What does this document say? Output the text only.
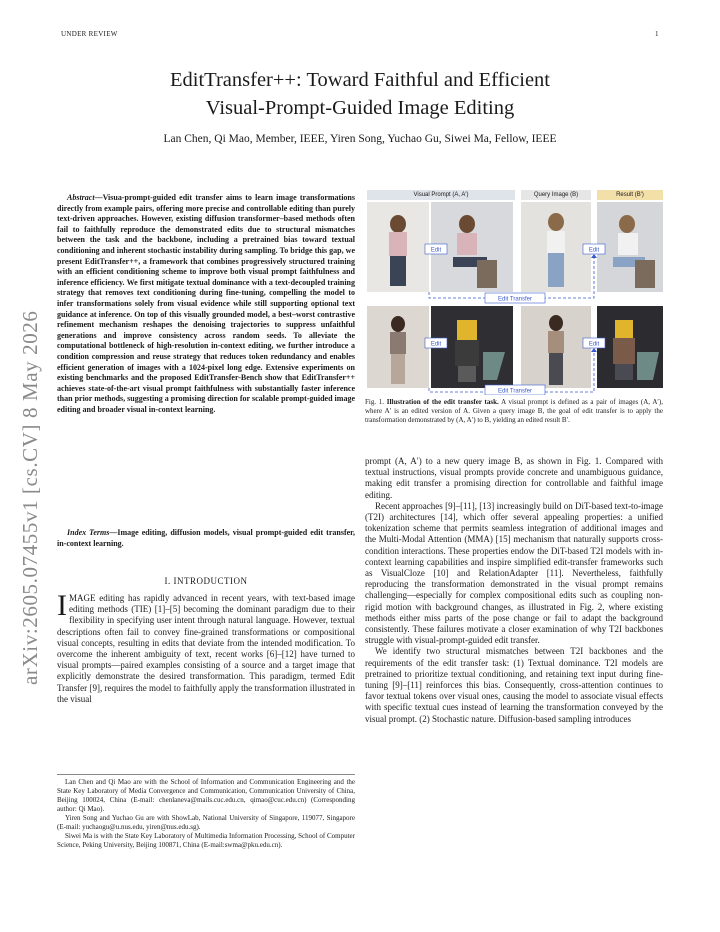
UNDER REVIEW	1
arXiv:2605.07455v1 [cs.CV] 8 May 2026
EditTransfer++: Toward Faithful and Efficient
Visual-Prompt-Guided Image Editing
Lan Chen, Qi Mao, Member, IEEE, Yiren Song, Yuchao Gu, Siwei Ma, Fellow, IEEE
Abstract—Visua-prompt-guided edit transfer aims to learn image transformations directly from example pairs, offering more precise and controllable editing than purely text-driven approaches. However, existing diffusion transformer–based methods often fail to faithfully reproduce the demonstrated edits due to structural mismatches between the task and the backbone, including a pretrained bias toward textual conditioning and inherent stochastic instability during sampling. To bridge this gap, we present EditTransfer++, a framework that combines progressively structured training with an efficient conditioning scheme to improve both visual prompt faithfulness and inference efficiency. We first mitigate textual dominance with a text-decoupled training strategy that removes text conditioning during fine-tuning, compelling the model to infer transformations solely from visual evidence while still supporting optional text guidance at inference. On top of this visually grounded model, a best–worst contrastive refinement mechanism reshapes the denoising trajectories to suppress unfaithful generations and improve consistency across random seeds. To alleviate the computational bottleneck of high-resolution in-context editing, we further introduce a condition compression and reuse strategy that reduces token redundancy and enables efficient generation of images with a 1024-pixel long edge. Extensive experiments on existing benchmarks and the proposed EditTransfer-Bench show that EditTransfer++ achieves state-of-the-art visual prompt faithfulness with substantially faster inference than prior methods, suggesting a promising direction for scalable prompt-guided image editing and broader visual in-context learning.
Index Terms—Image editing, diffusion models, visual prompt-guided edit transfer, in-context learning.
I. INTRODUCTION
IMAGE editing has rapidly advanced in recent years, with text-based image editing methods (TIE) [1]–[5] becoming the dominant paradigm due to their flexibility in specifying user intent through natural language. However, textual descriptions often fail to convey fine-grained transformations or compositional visual concepts, resulting in edits that deviate from the intended modification. To overcome the inherent ambiguity of text, recent works [6]–[12] have turned to visual prompts—paired examples consisting of a source and a target image that explicitly demonstrate the desired transformation. This paradigm, termed Edit Transfer [9], requires the model to faithfully apply the transformation illustrated in the visual

Lan Chen and Qi Mao are with the School of Information and Communication Engineering and the State Key Laboratory of Media Convergence and Communication, Communication University of China, Beijing 100024, China (E-mail: chenlaneva@mails.cuc.edu.cn, qimao@cuc.edu.cn) (Corresponding author: Qi Mao).

Yiren Song and Yuchao Gu are with ShowLab, National University of Singapore, 119077, Singapore (E-mail: yuchaogu@u.nus.edu, yiren@nus.edu.sg).

Siwei Ma is with the State Key Laboratory of Multimedia Information Processing, School of Computer Science, Peking University, Beijing 100871, China (E-mail:swma@pku.edu.cn).

Visual Prompt (A, A′)	Query Image (B)	Result (B′)
Edit	Edit
Edit Transfer
Edit	Edit
Edit Transfer
Fig. 1. Illustration of the edit transfer task. A visual prompt is defined as a pair of images (A, A′), where A′ is an edited version of A. Given a query image B, the goal of edit transfer is to apply the transformation demonstrated by (A, A′) to B, yielding an edited result B′.

prompt (A, A′) to a new query image B, as shown in Fig. 1. Compared with textual instructions, visual prompts provide concrete and unambiguous guidance, making edit transfer a promising direction for controllable and faithful image editing.

Recent approaches [9]–[11], [13] increasingly build on DiT-based text-to-image (T2I) architectures [14], which offer several appealing properties: a unified tokenization scheme that permits seamless integration of additional images and the Multi-Modal Attention (MMA) [15] mechanism that naturally supports cross-condition interactions. These properties endow the DiT-based T2I models with in-context learning capabilities and inspire simplified edit-transfer frameworks such as VisualCloze [10] and RelationAdapter [11]. Nevertheless, faithfully reproducing the transformation demonstrated in the visual prompt remains challenging—especially for complex compositional edits such as coupling non-rigid motion with background changes, as illustrated in Fig. 2, where existing methods either miss parts of the pose change or fail to adapt the background consistently. These failures motivate a closer examination of why T2I backbones struggle with visual-prompt-guided edit transfer.

We identify two structural mismatches between T2I backbones and the requirements of the edit transfer task: (1) Textual dominance. T2I models are pretrained to prioritize textual conditioning, and retaining text input during fine-tuning [9]–[11] reinforces this bias. Consequently, cross-attention continues to favor textual tokens over visual ones, causing the model to associate visual effects with specific textual cues instead of learning the transformation conveyed by the visual prompt. (2) Stochastic nature. Diffusion-based sampling introduces
